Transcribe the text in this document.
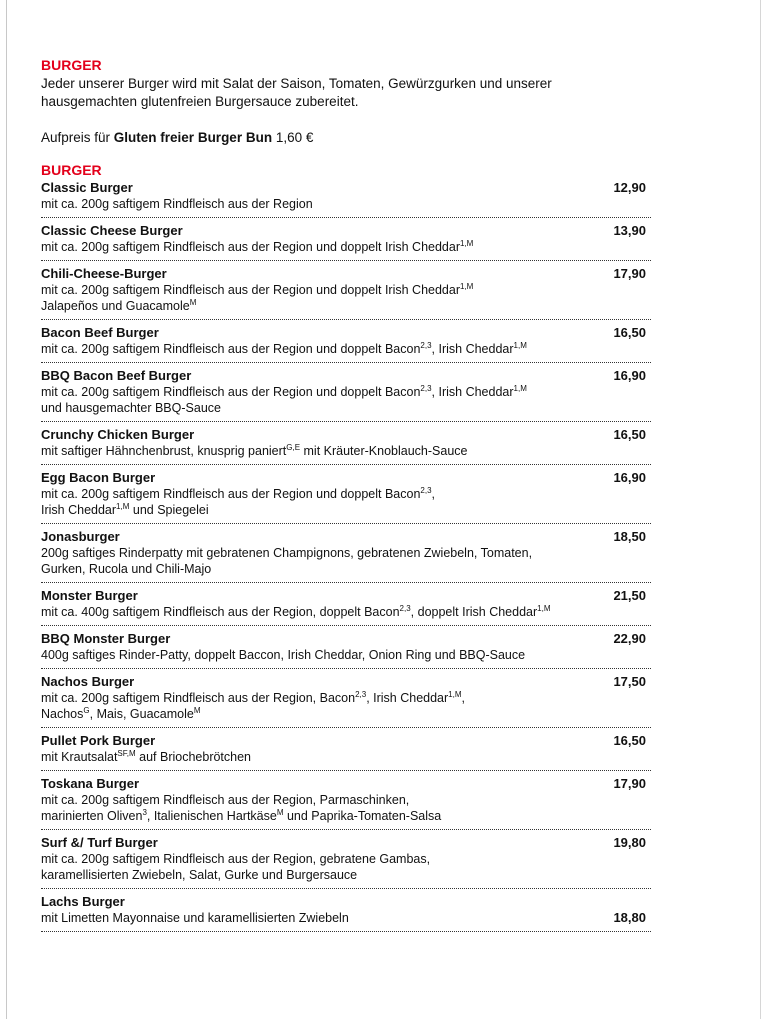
BURGER
Jeder unserer Burger wird mit Salat der Saison, Tomaten, Gewürzgurken und unserer hausgemachten glutenfreien Burgersauce zubereitet.
Aufpreis für Gluten freier Burger Bun 1,60 €
BURGER
Classic Burger
mit ca. 200g saftigem Rindfleisch aus der Region
12,90
Classic Cheese Burger
mit ca. 200g saftigem Rindfleisch aus der Region und doppelt Irish Cheddar$^{1,M}$
13,90
Chili-Cheese-Burger
mit ca. 200g saftigem Rindfleisch aus der Region und doppelt Irish Cheddar$^{1,M}$
Jalapeños und Guacamole$^M$
17,90
Bacon Beef Burger
mit ca. 200g saftigem Rindfleisch aus der Region und doppelt Bacon$^{2,3}$, Irish Cheddar$^{1,M}$
16,50
BBQ Bacon Beef Burger
mit ca. 200g saftigem Rindfleisch aus der Region und doppelt Bacon$^{2,3}$, Irish Cheddar$^{1,M}$
und hausgemachter BBQ-Sauce
16,90
Crunchy Chicken Burger
mit saftiger Hähnchenbrust, knusprig paniert$^{G,E}$ mit Kräuter-Knoblauch-Sauce
16,50
Egg Bacon Burger
mit ca. 200g saftigem Rindfleisch aus der Region und doppelt Bacon$^{2,3}$,
Irish Cheddar$^{1,M}$ und Spiegelei
16,90
Jonasburger
200g saftiges Rinderpatty mit gebratenen Champignons, gebratenen Zwiebeln, Tomaten,
Gurken, Rucola und Chili-Majo
18,50
Monster Burger
mit ca. 400g saftigem Rindfleisch aus der Region, doppelt Bacon$^{2,3}$, doppelt Irish Cheddar$^{1,M}$
21,50
BBQ Monster Burger
400g saftiges Rinder-Patty, doppelt Baccon, Irish Cheddar, Onion Ring und BBQ-Sauce
22,90
Nachos Burger
mit ca. 200g saftigem Rindfleisch aus der Region, Bacon$^{2,3}$, Irish Cheddar$^{1,M}$,
Nachos$^G$, Mais, Guacamole$^M$
17,50
Pullet Pork Burger
mit Krautsalat$^{SF,M}$ auf Briochebrötchen
16,50
Toskana Burger
mit ca. 200g saftigem Rindfleisch aus der Region, Parmaschinken,
marinierten Oliven$^3$, Italienischen Hartkäse$^M$ und Paprika-Tomaten-Salsa
17,90
Surf &/ Turf Burger
mit ca. 200g saftigem Rindfleisch aus der Region, gebratene Gambas,
karamellisierten Zwiebeln, Salat, Gurke und Burgersauce
19,80
Lachs Burger
mit Limetten Mayonnaise und karamellisierten Zwiebeln	18,80
